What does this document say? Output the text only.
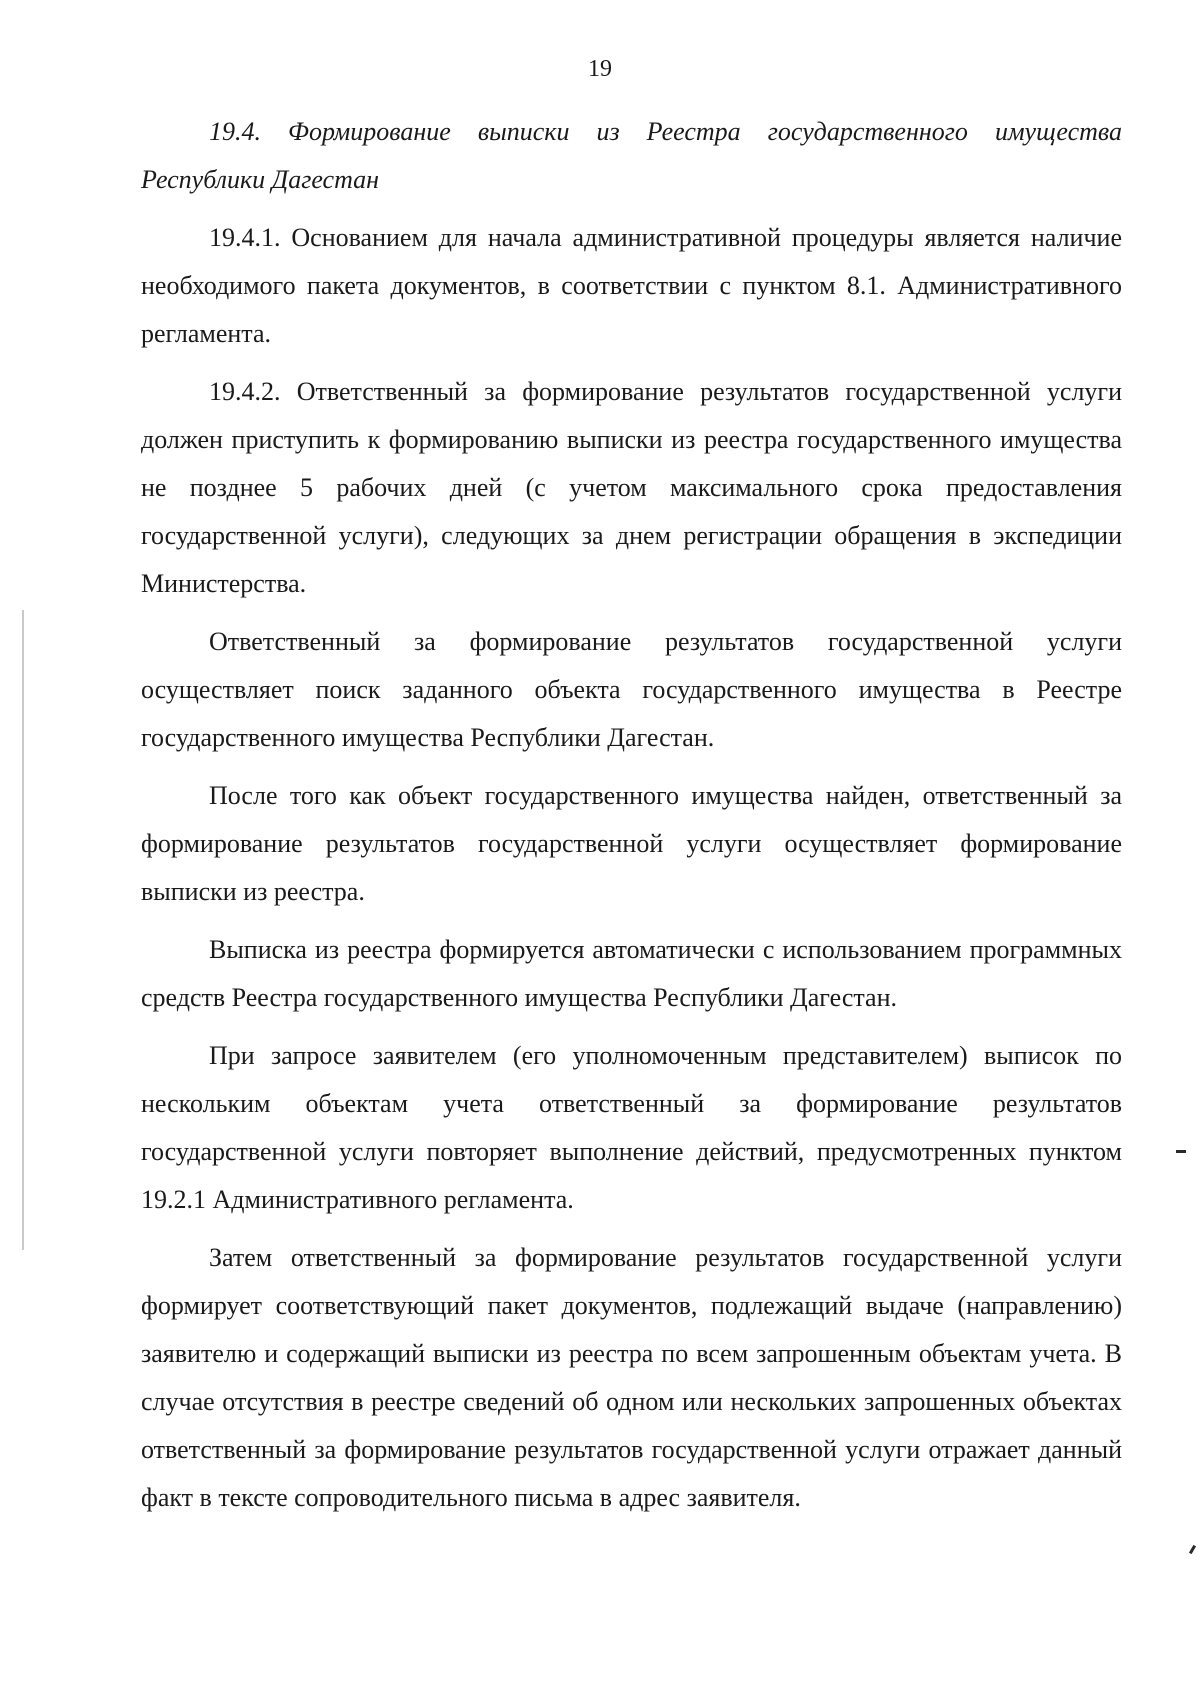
19

19.4. Формирование выписки из Реестра государственного имущества Республики Дагестан

19.4.1. Основанием для начала административной процедуры является наличие необходимого пакета документов, в соответствии с пунктом 8.1. Административного регламента.

19.4.2. Ответственный за формирование результатов государственной услуги должен приступить к формированию выписки из реестра государственного имущества не позднее 5 рабочих дней (с учетом максимального срока предоставления государственной услуги), следующих за днем регистрации обращения в экспедиции Министерства.

Ответственный за формирование результатов государственной услуги осуществляет поиск заданного объекта государственного имущества в Реестре государственного имущества Республики Дагестан.

После того как объект государственного имущества найден, ответственный за формирование результатов государственной услуги осуществляет формирование выписки из реестра.

Выписка из реестра формируется автоматически с использованием программных средств Реестра государственного имущества Республики Дагестан.

При запросе заявителем (его уполномоченным представителем) выписок по нескольким объектам учета ответственный за формирование результатов государственной услуги повторяет выполнение действий, предусмотренных пунктом 19.2.1 Административного регламента.

Затем ответственный за формирование результатов государственной услуги формирует соответствующий пакет документов, подлежащий выдаче (направлению) заявителю и содержащий выписки из реестра по всем запрошенным объектам учета. В случае отсутствия в реестре сведений об одном или нескольких запрошенных объектах ответственный за формирование результатов государственной услуги отражает данный факт в тексте сопроводительного письма в адрес заявителя.
